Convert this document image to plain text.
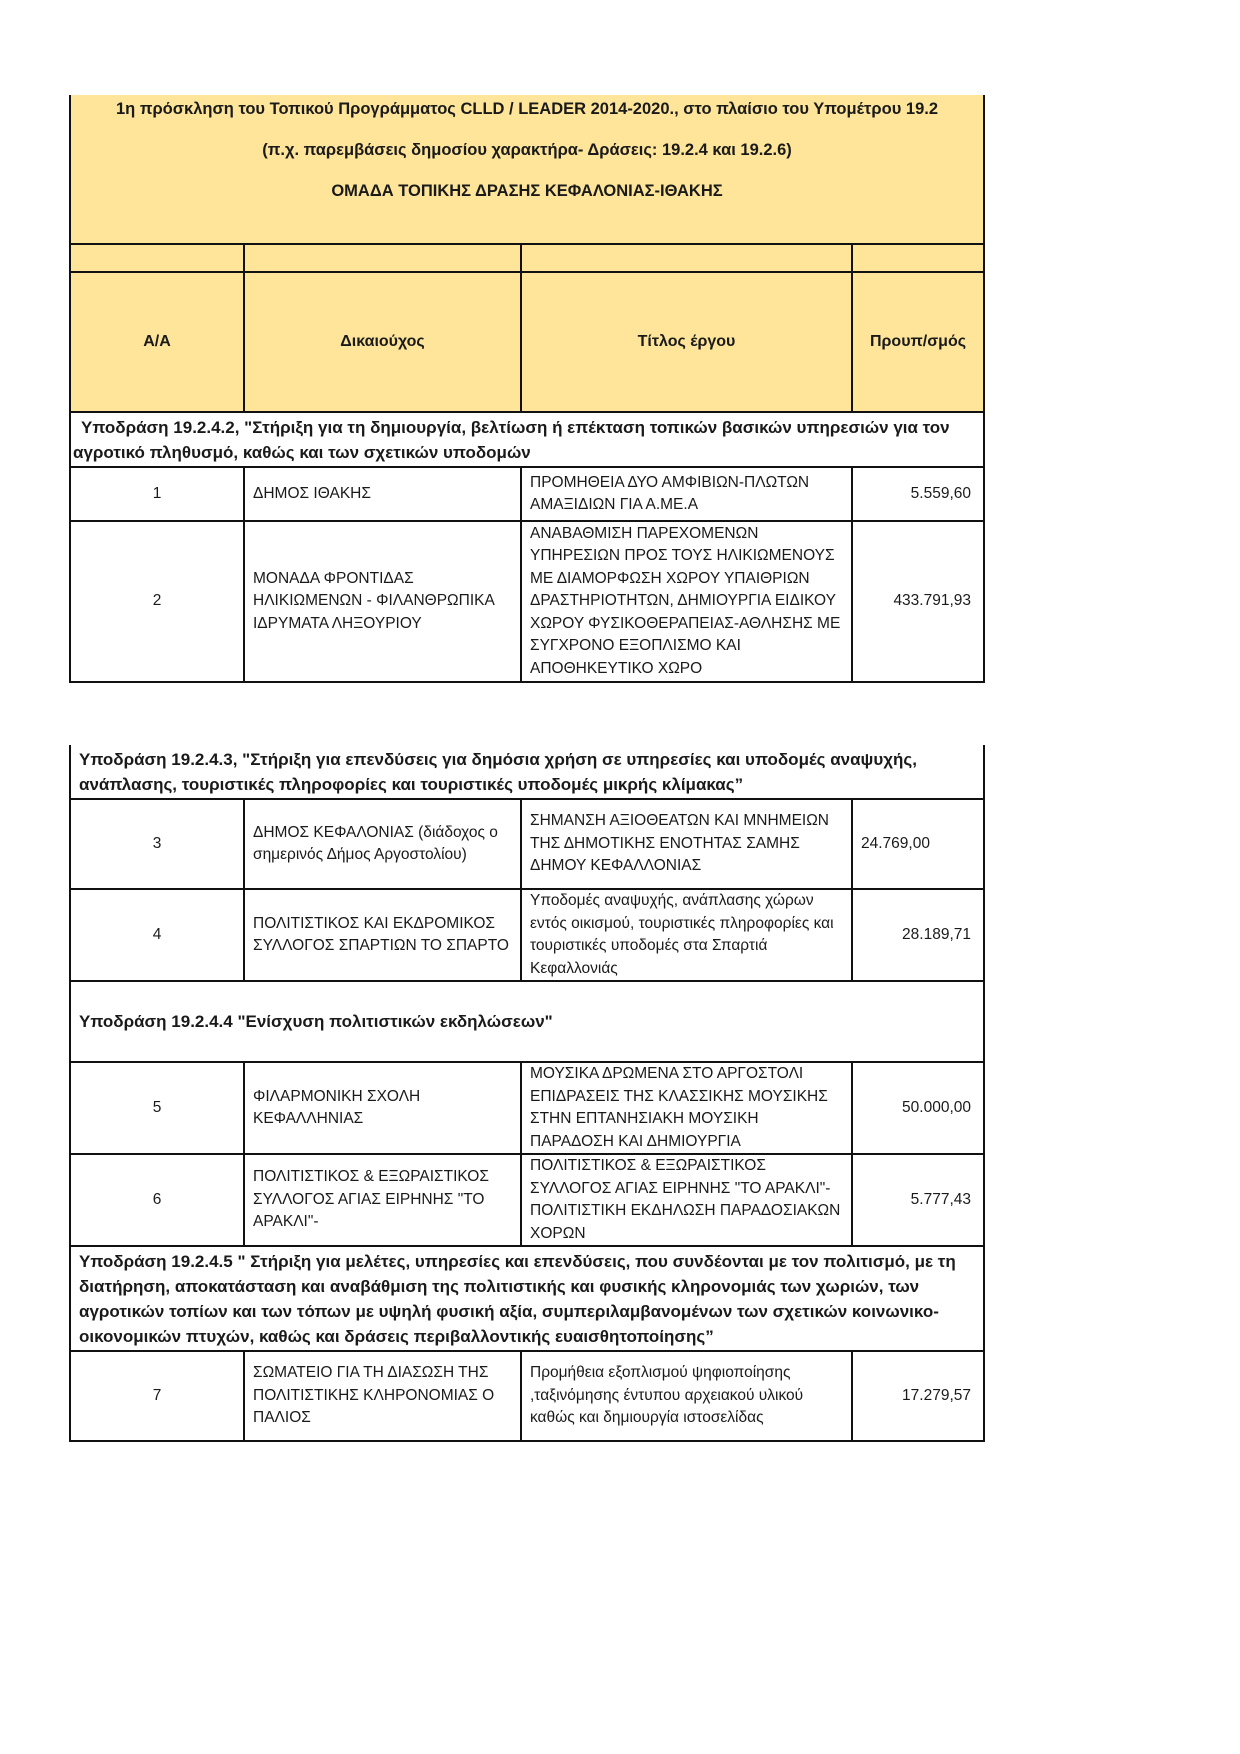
1η πρόσκληση του Τοπικού Προγράμματος CLLD / LEADER 2014-2020., στο πλαίσιο του Υπομέτρου 19.2
(π.χ. παρεμβάσεις δημοσίου χαρακτήρα- Δράσεις: 19.2.4 και 19.2.6)
ΟΜΑΔΑ ΤΟΠΙΚΗΣ ΔΡΑΣΗΣ ΚΕΦΑΛΟΝΙΑΣ-ΙΘΑΚΗΣ			

Α/Α	Δικαιούχος	Τίτλος έργου	Προυπ/σμός
Υποδράση 19.2.4.2, "Στήριξη για τη δημιουργία, βελτίωση ή επέκταση τοπικών βασικών υπηρεσιών για τον αγροτικό πληθυσμό, καθώς και των σχετικών υποδομών			
1	ΔΗΜΟΣ ΙΘΑΚΗΣ	ΠΡΟΜΗΘΕΙΑ ΔΥΟ ΑΜΦΙΒΙΩΝ-ΠΛΩΤΩΝ ΑΜΑΞΙΔΙΩΝ ΓΙΑ Α.ΜΕ.Α	5.559,60
2	ΜΟΝΑΔΑ ΦΡΟΝΤΙΔΑΣ ΗΛΙΚΙΩΜΕΝΩΝ - ΦΙΛΑΝΘΡΩΠΙΚΑ ΙΔΡΥΜΑΤΑ ΛΗΞΟΥΡΙΟΥ	ΑΝΑΒΑΘΜΙΣΗ ΠΑΡΕΧΟΜΕΝΩΝ ΥΠΗΡΕΣΙΩΝ ΠΡΟΣ ΤΟΥΣ ΗΛΙΚΙΩΜΕΝΟΥΣ ΜΕ ΔΙΑΜΟΡΦΩΣΗ ΧΩΡΟΥ ΥΠΑΙΘΡΙΩΝ ΔΡΑΣΤΗΡΙΟΤΗΤΩΝ, ΔΗΜΙΟΥΡΓΙΑ ΕΙΔΙΚΟΥ ΧΩΡΟΥ ΦΥΣΙΚΟΘΕΡΑΠΕΙΑΣ-ΑΘΛΗΣΗΣ ΜΕ ΣΥΓΧΡΟΝΟ ΕΞΟΠΛΙΣΜΟ ΚΑΙ ΑΠΟΘΗΚΕΥΤΙΚΟ ΧΩΡΟ	433.791,93
Υποδράση 19.2.4.3, "Στήριξη για επενδύσεις για δημόσια χρήση σε υπηρεσίες και υποδομές αναψυχής, ανάπλασης, τουριστικές πληροφορίες και τουριστικές υποδομές μικρής κλίμακας”			
3	ΔΗΜΟΣ ΚΕΦΑΛΟΝΙΑΣ (διάδοχος ο σημερινός Δήμος Αργοστολίου)	ΣΗΜΑΝΣΗ ΑΞΙΟΘΕΑΤΩΝ ΚΑΙ ΜΝΗΜΕΙΩΝ ΤΗΣ ΔΗΜΟΤΙΚΗΣ ΕΝΟΤΗΤΑΣ ΣΑΜΗΣ ΔΗΜΟΥ ΚΕΦΑΛΛΟΝΙΑΣ	24.769,00
4	ΠΟΛΙΤΙΣΤΙΚΟΣ ΚΑΙ ΕΚΔΡΟΜΙΚΟΣ ΣΥΛΛΟΓΟΣ ΣΠΑΡΤΙΩΝ ΤΟ ΣΠΑΡΤΟ	Υποδομές αναψυχής, ανάπλασης χώρων εντός οικισμού, τουριστικές πληροφορίες και τουριστικές υποδομές στα Σπαρτιά Κεφαλλονιάς	28.189,71
Υποδράση 19.2.4.4 "Ενίσχυση πολιτιστικών εκδηλώσεων"			
5	ΦΙΛΑΡΜΟΝΙΚΗ ΣΧΟΛΗ ΚΕΦΑΛΛΗΝΙΑΣ	ΜΟΥΣΙΚΑ ΔΡΩΜΕΝΑ ΣΤΟ ΑΡΓΟΣΤΟΛΙ ΕΠΙΔΡΑΣΕΙΣ ΤΗΣ ΚΛΑΣΣΙΚΗΣ ΜΟΥΣΙΚΗΣ ΣΤΗΝ ΕΠΤΑΝΗΣΙΑΚΗ ΜΟΥΣΙΚΗ ΠΑΡΑΔΟΣΗ ΚΑΙ ΔΗΜΙΟΥΡΓΙΑ	50.000,00
6	ΠΟΛΙΤΙΣΤΙΚΟΣ & ΕΞΩΡΑΙΣΤΙΚΟΣ ΣΥΛΛΟΓΟΣ ΑΓΙΑΣ ΕΙΡΗΝΗΣ "ΤΟ ΑΡΑΚΛΙ"-	ΠΟΛΙΤΙΣΤΙΚΟΣ & ΕΞΩΡΑΙΣΤΙΚΟΣ ΣΥΛΛΟΓΟΣ ΑΓΙΑΣ ΕΙΡΗΝΗΣ "ΤΟ ΑΡΑΚΛΙ"- ΠΟΛΙΤΙΣΤΙΚΗ ΕΚΔΗΛΩΣΗ ΠΑΡΑΔΟΣΙΑΚΩΝ ΧΟΡΩΝ	5.777,43
Υποδράση 19.2.4.5 " Στήριξη για μελέτες, υπηρεσίες και επενδύσεις, που συνδέονται με τον πολιτισμό, με τη διατήρηση, αποκατάσταση και αναβάθμιση της πολιτιστικής και φυσικής κληρονομιάς των χωριών, των αγροτικών τοπίων και των τόπων με υψηλή φυσική αξία, συμπεριλαμβανομένων των σχετικών κοινωνικο-οικονομικών πτυχών, καθώς και δράσεις περιβαλλοντικής ευαισθητοποίησης”			
7	ΣΩΜΑΤΕΙΟ ΓΙΑ ΤΗ ΔΙΑΣΩΣΗ ΤΗΣ ΠΟΛΙΤΙΣΤΙΚΗΣ ΚΛΗΡΟΝΟΜΙΑΣ Ο ΠΑΛΙΟΣ	Προμήθεια εξοπλισμού ψηφιοποίησης ,ταξινόμησης έντυπου αρχειακού υλικού καθώς και δημιουργία ιστοσελίδας	17.279,57
